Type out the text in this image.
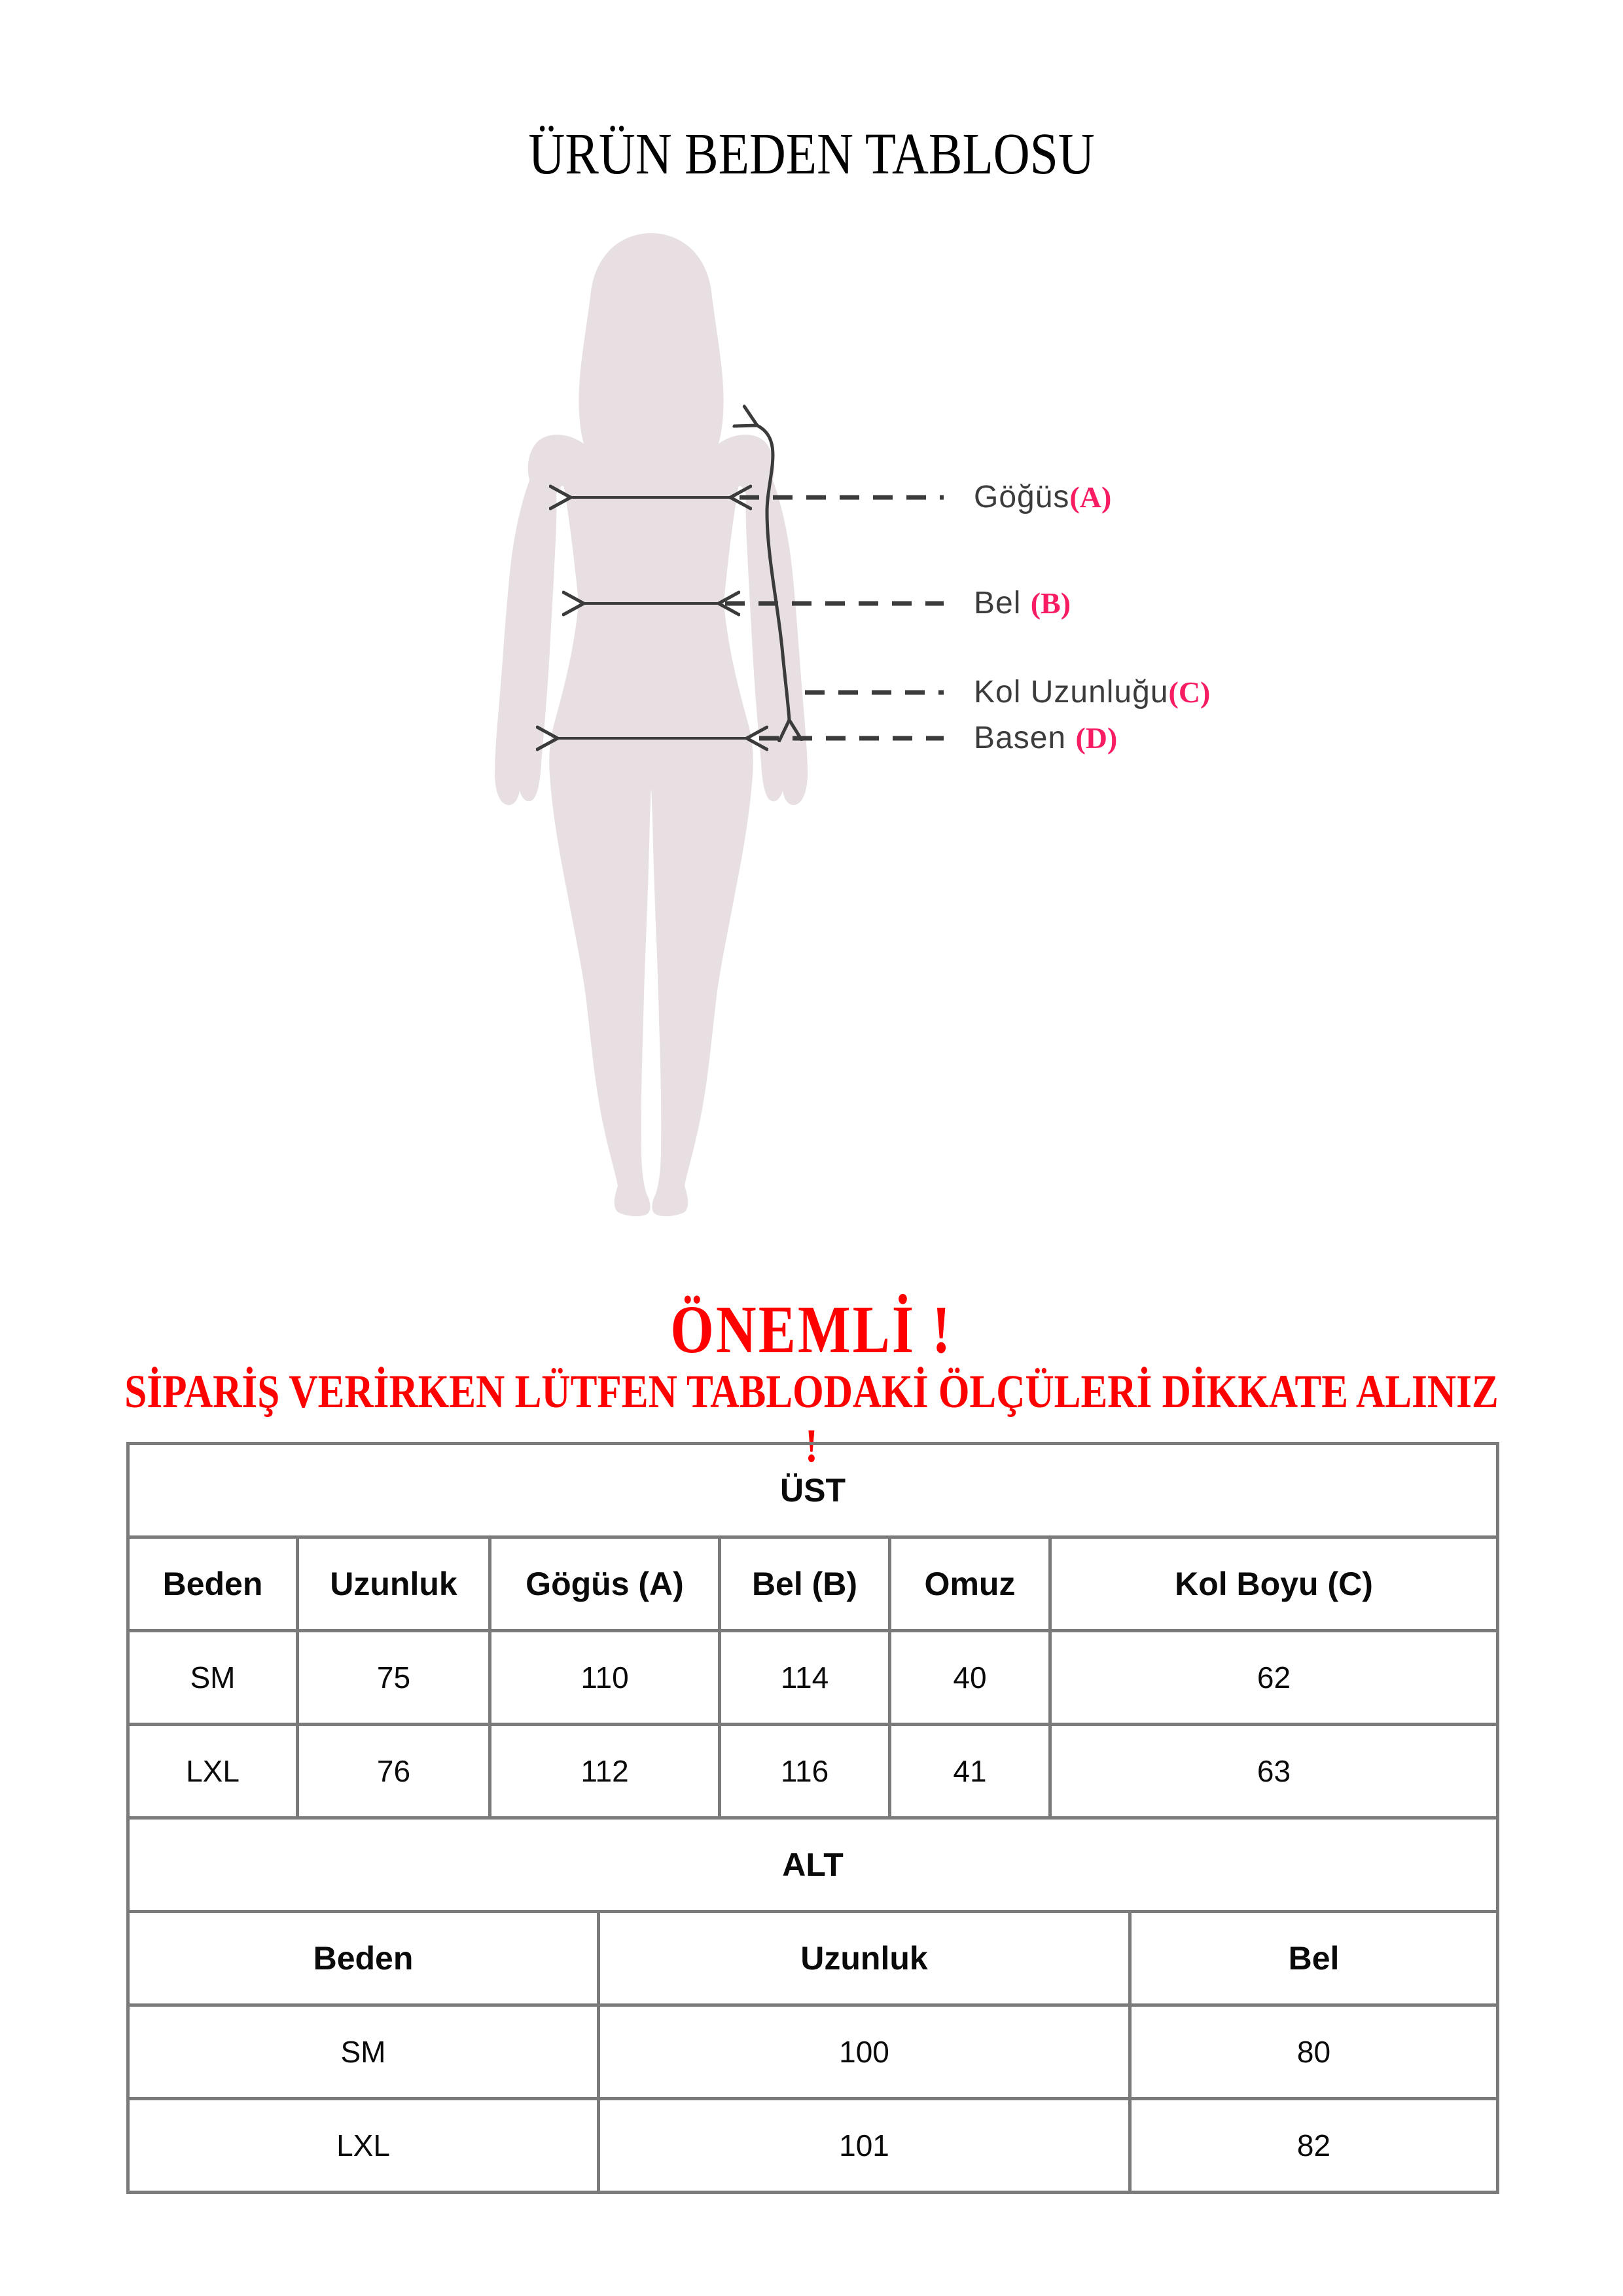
ÜRÜN BEDEN TABLOSU
Göğüs(A)
Bel (B)
Kol Uzunluğu(C)
Basen (D)
ÖNEMLİ !
SİPARİŞ VERİRKEN LÜTFEN TABLODAKİ ÖLÇÜLERİ DİKKATE ALINIZ !
ÜST					
Beden	Uzunluk	Gögüs (A)	Bel (B)	Omuz	Kol Boyu (C)
SM	75	110	114	40	62
LXL	76	112	116	41	63
ALT		
Beden	Uzunluk	Bel
SM	100	80
LXL	101	82
